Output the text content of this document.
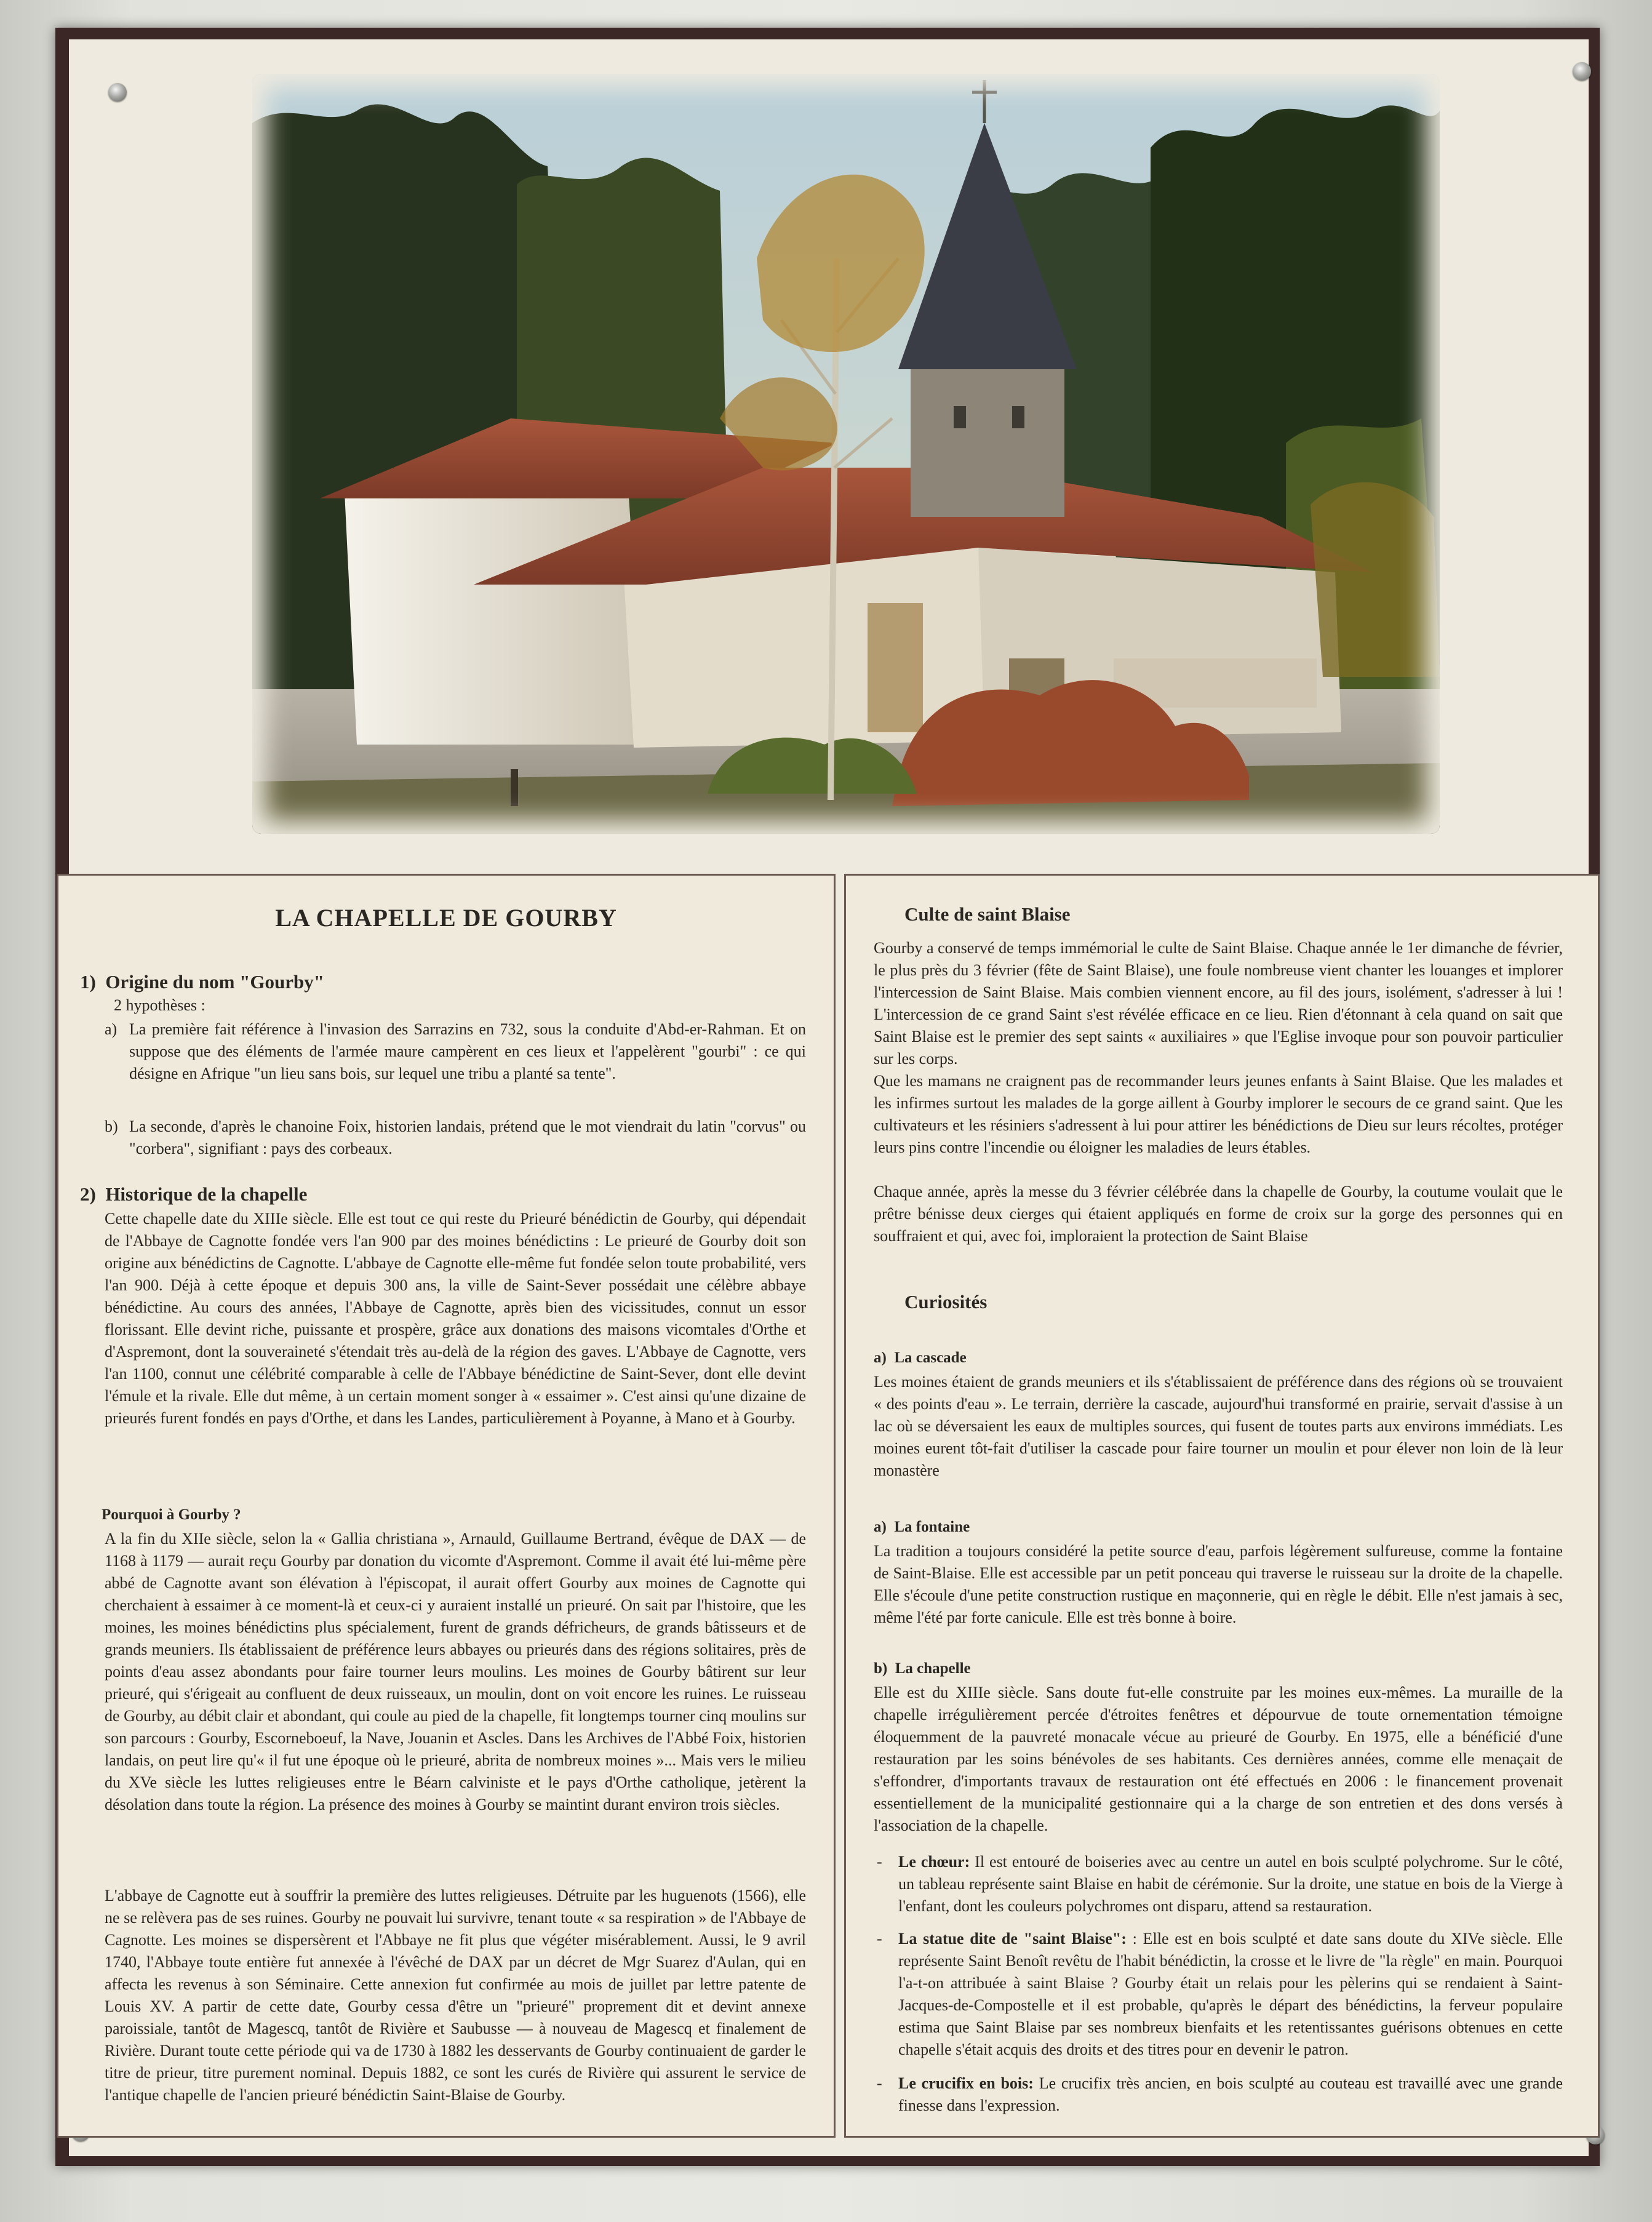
LA CHAPELLE DE GOURBY
1)  Origine du nom "Gourby"
2 hypothèses :
a) La première fait référence à l'invasion des Sarrazins en 732, sous la conduite d'Abd-er-Rahman. Et on suppose que des éléments de l'armée maure campèrent en ces lieux et l'appelèrent "gourbi" : ce qui désigne en Afrique "un lieu sans bois, sur lequel une tribu a planté sa tente".
b) La seconde, d'après le chanoine Foix, historien landais, prétend que le mot viendrait du latin "corvus" ou "corbera", signifiant : pays des corbeaux.
2)  Historique de la chapelle
Cette chapelle date du XIIIe siècle. Elle est tout ce qui reste du Prieuré bénédictin de Gourby, qui dépendait de l'Abbaye de Cagnotte fondée vers l'an 900 par des moines bénédictins : Le prieuré de Gourby doit son origine aux bénédictins de Cagnotte. L'abbaye de Cagnotte elle-même fut fondée selon toute probabilité, vers l'an 900. Déjà à cette époque et depuis 300 ans, la ville de Saint-Sever possédait une célèbre abbaye bénédictine. Au cours des années, l'Abbaye de Cagnotte, après bien des vicissitudes, connut un essor florissant. Elle devint riche, puissante et prospère, grâce aux donations des maisons vicomtales d'Orthe et d'Aspremont, dont la souveraineté s'étendait très au-delà de la région des gaves. L'Abbaye de Cagnotte, vers l'an 1100, connut une célébrité comparable à celle de l'Abbaye bénédictine de Saint-Sever, dont elle devint l'émule et la rivale. Elle dut même, à un certain moment songer à « essaimer ». C'est ainsi qu'une dizaine de prieurés furent fondés en pays d'Orthe, et dans les Landes, particulièrement à Poyanne, à Mano et à Gourby.
Pourquoi à Gourby ?
A la fin du XIIe siècle, selon la « Gallia christiana », Arnauld, Guillaume Bertrand, évêque de DAX — de 1168 à 1179 — aurait reçu Gourby par donation du vicomte d'Aspremont. Comme il avait été lui-même père abbé de Cagnotte avant son élévation à l'épiscopat, il aurait offert Gourby aux moines de Cagnotte qui cherchaient à essaimer à ce moment-là et ceux-ci y auraient installé un prieuré. On sait par l'histoire, que les moines, les moines bénédictins plus spécialement, furent de grands défricheurs, de grands bâtisseurs et de grands meuniers. Ils établissaient de préférence leurs abbayes ou prieurés dans des régions solitaires, près de points d'eau assez abondants pour faire tourner leurs moulins. Les moines de Gourby bâtirent sur leur prieuré, qui s'érigeait au confluent de deux ruisseaux, un moulin, dont on voit encore les ruines. Le ruisseau de Gourby, au débit clair et abondant, qui coule au pied de la chapelle, fit longtemps tourner cinq moulins sur son parcours : Gourby, Escorneboeuf, la Nave, Jouanin et Ascles. Dans les Archives de l'Abbé Foix, historien landais, on peut lire qu'« il fut une époque où le prieuré, abrita de nombreux moines »... Mais vers le milieu du XVe siècle les luttes religieuses entre le Béarn calviniste et le pays d'Orthe catholique, jetèrent la désolation dans toute la région. La présence des moines à Gourby se maintint durant environ trois siècles.
L'abbaye de Cagnotte eut à souffrir la première des luttes religieuses. Détruite par les huguenots (1566), elle ne se relèvera pas de ses ruines. Gourby ne pouvait lui survivre, tenant toute « sa respiration » de l'Abbaye de Cagnotte. Les moines se dispersèrent et l'Abbaye ne fit plus que végéter misérablement. Aussi, le 9 avril 1740, l'Abbaye toute entière fut annexée à l'évêché de DAX par un décret de Mgr Suarez d'Aulan, qui en affecta les revenus à son Séminaire. Cette annexion fut confirmée au mois de juillet par lettre patente de Louis XV. A partir de cette date, Gourby cessa d'être un "prieuré" proprement dit et devint annexe paroissiale, tantôt de Magescq, tantôt de Rivière et Saubusse — à nouveau de Magescq et finalement de Rivière. Durant toute cette période qui va de 1730 à 1882 les desservants de Gourby continuaient de garder le titre de prieur, titre purement nominal. Depuis 1882, ce sont les curés de Rivière qui assurent le service de l'antique chapelle de l'ancien prieuré bénédictin Saint-Blaise de Gourby.
Culte de saint Blaise
Gourby a conservé de temps immémorial le culte de Saint Blaise. Chaque année le 1er dimanche de février, le plus près du 3 février (fête de Saint Blaise), une foule nombreuse vient chanter les louanges et implorer l'intercession de Saint Blaise. Mais combien viennent encore, au fil des jours, isolément, s'adresser à lui ! L'intercession de ce grand Saint s'est révélée efficace en ce lieu. Rien d'étonnant à cela quand on sait que Saint Blaise est le premier des sept saints « auxiliaires » que l'Eglise invoque pour son pouvoir particulier sur les corps.
Que les mamans ne craignent pas de recommander leurs jeunes enfants à Saint Blaise. Que les malades et les infirmes surtout les malades de la gorge aillent à Gourby implorer le secours de ce grand saint. Que les cultivateurs et les résiniers s'adressent à lui pour attirer les bénédictions de Dieu sur leurs récoltes, protéger leurs pins contre l'incendie ou éloigner les maladies de leurs étables.
Chaque année, après la messe du 3 février célébrée dans la chapelle de Gourby, la coutume voulait que le prêtre bénisse deux cierges qui étaient appliqués en forme de croix sur la gorge des personnes qui en souffraient et qui, avec foi, imploraient la protection de Saint Blaise
Curiosités
a)  La cascade
Les moines étaient de grands meuniers et ils s'établissaient de préférence dans des régions où se trouvaient « des points d'eau ». Le terrain, derrière la cascade, aujourd'hui transformé en prairie, servait d'assise à un lac où se déversaient les eaux de multiples sources, qui fusent de toutes parts aux environs immédiats. Les moines eurent tôt-fait d'utiliser la cascade pour faire tourner un moulin et pour élever non loin de là leur monastère
a)  La fontaine
La tradition a toujours considéré la petite source d'eau, parfois légèrement sulfureuse, comme la fontaine de Saint-Blaise. Elle est accessible par un petit ponceau qui traverse le ruisseau sur la droite de la chapelle. Elle s'écoule d'une petite construction rustique en maçonnerie, qui en règle le débit. Elle n'est jamais à sec, même l'été par forte canicule. Elle est très bonne à boire.
b)  La chapelle
Elle est du XIIIe siècle. Sans doute fut-elle construite par les moines eux-mêmes. La muraille de la chapelle irrégulièrement percée d'étroites fenêtres et dépourvue de toute ornementation témoigne éloquemment de la pauvreté monacale vécue au prieuré de Gourby. En 1975, elle a bénéficié d'une restauration par les soins bénévoles de ses habitants. Ces dernières années, comme elle menaçait de s'effondrer, d'importants travaux de restauration ont été effectués en 2006 : le financement provenait essentiellement de la municipalité gestionnaire qui a la charge de son entretien et des dons versés à l'association de la chapelle.
- Le chœur: Il est entouré de boiseries avec au centre un autel en bois sculpté polychrome. Sur le côté, un tableau représente saint Blaise en habit de cérémonie. Sur la droite, une statue en bois de la Vierge à l'enfant, dont les couleurs polychromes ont disparu, attend sa restauration.
- La statue dite de "saint Blaise": : Elle est en bois sculpté et date sans doute du XIVe siècle. Elle représente Saint Benoît revêtu de l'habit bénédictin, la crosse et le livre de "la règle" en main. Pourquoi l'a-t-on attribuée à saint Blaise ? Gourby était un relais pour les pèlerins qui se rendaient à Saint-Jacques-de-Compostelle et il est probable, qu'après le départ des bénédictins, la ferveur populaire estima que Saint Blaise par ses nombreux bienfaits et les retentissantes guérisons obtenues en cette chapelle s'était acquis des droits et des titres pour en devenir le patron.
- Le crucifix en bois: Le crucifix très ancien, en bois sculpté au couteau est travaillé avec une grande finesse dans l'expression.
